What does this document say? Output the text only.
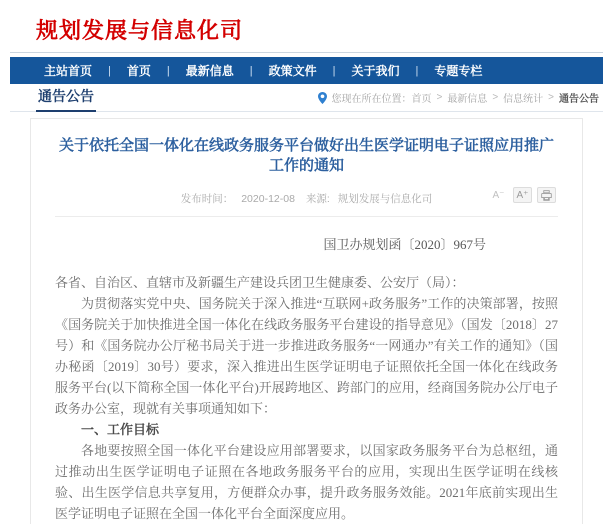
规划发展与信息化司
主站首页	|	首页	|	最新信息	|	政策文件	|	关于我们	|	专题专栏
通告公告	您现在所在位置： 首页 > 最新信息 > 信息统计 > 通告公告
关于依托全国一体化在线政务服务平台做好出生医学证明电子证照应用推广工作的通知
发布时间： 2020-12-08 来源: 规划发展与信息化司	A⁻	A⁺
国卫办规划函〔2020〕967号

各省、自治区、直辖市及新疆生产建设兵团卫生健康委、公安厅（局）：

为贯彻落实党中央、国务院关于深入推进“互联网+政务服务”工作的决策部署，按照《国务院关于加快推进全国一体化在线政务服务平台建设的指导意见》（国发〔2018〕27号）和《国务院办公厅秘书局关于进一步推进政务服务“一网通办”有关工作的通知》（国办秘函〔2019〕30号）要求，深入推进出生医学证明电子证照依托全国一体化在线政务服务平台(以下简称全国一体化平台)开展跨地区、跨部门的应用，经商国务院办公厅电子政务办公室，现就有关事项通知如下：

一、工作目标

各地要按照全国一体化平台建设应用部署要求，以国家政务服务平台为总枢纽，通过推动出生医学证明电子证照在各地政务服务平台的应用，实现出生医学证明在线核验、出生医学信息共享复用，方便群众办事，提升政务服务效能。2021年底前实现出生医学证明电子证照在全国一体化平台全面深度应用。
